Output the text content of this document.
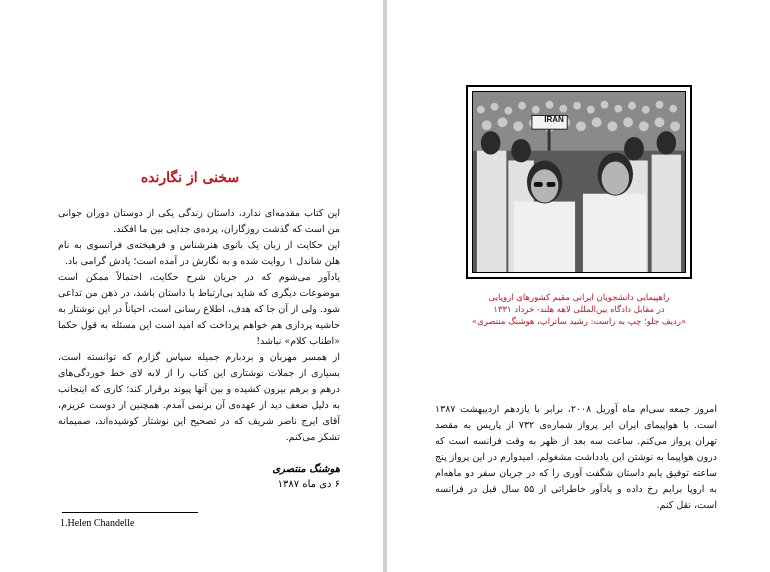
سخنی از نگارنده

این کتاب مقدمه‌ای ندارد، داستان زندگی یکی از دوستان دوران جوانی من است که گذشت روزگاران، پرده‌ی جدایی بین ما افکند.

این حکایت از زبان یک بانوی هنرشناس و فرهیخته‌ی فرانسوی به نام هلن شاندل ۱ روایت شده و به نگارش در آمده است؛ یادش گرامی باد.

یادآور می‌شوم که در جریان شرح حکایت، احتمالاً ممکن است موضوعات دیگری که شاید بی‌ارتباط با داستان باشد، در ذهن من تداعی شود. ولی از آن جا که هدف، اطلاع رسانی است، احیاناً در این نوشتار به حاشیه پردازی هم خواهم پرداخت که امید است این مسئله به قول حکما «اطناب کلام» نباشد!

از همسر مهربان و بردبارم جمیله سپاس گزارم که توانسته است، بسیاری از جملات نوشتاری این کتاب را از لابه لای خط خوردگی‌های درهم و برهم بیرون کشیده و بین آنها پیوند برقرار کند؛ کاری که اینجانب به دلیل ضعف دید از عهده‌ی آن برنمی آمدم. همچنین از دوست عزیزم، آقای ایرج ناصر شریف که در تصحیح این نوشتار کوشیده‌اند، صمیمانه تشکر می‌کنم.

هوشنگ منتصری
۶ دی ماه ۱۳۸۷
1.Helen Chandelle
IRAN
راهپیمایی دانشجویان ایرانی مقیم کشورهای اروپایی
در مقابل دادگاه بین‌المللی لاهه هلند- خرداد ۱۳۳۱
«ردیف جلو؛ چپ به راست: رشید ساتراپ، هوشنگ منتصری»
امروز جمعه سی‌ام ماه آوریل ۲۰۰۸، برابر با یازدهم اردیبهشت ۱۳۸۷ است. با هواپیمای ایران ایر پرواز شماره‌ی ۷۳۲ از پاریس به مقصد تهران پرواز می‌کنم. ساعت سه بعد از ظهر به وقت فرانسه است که درون هواپیما به نوشتن این یادداشت مشغولم. امیدوارم در این پرواز پنج ساعته توفیق یابم داستان شگفت آوری را که در جریان سفر دو ماهه‌ام به اروپا برایم رخ داده و یادآور خاطراتی از ۵۵ سال قبل در فرانسه است، نقل کنم.
